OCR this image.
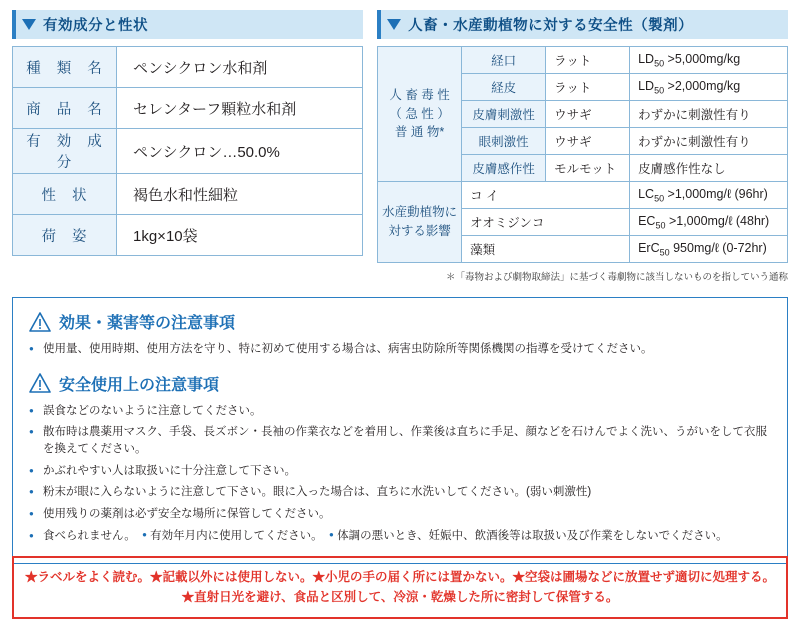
有効成分と性状
種 類 名	ペンシクロン水和剤
商 品 名	セレンターフ顆粒水和剤
有 効 成 分	ペンシクロン…50.0%
性 状	褐色水和性細粒
荷 姿	1kg×10袋
人畜・水産動植物に対する安全性（製剤）
人 畜 毒 性
（ 急 性 ）
普 通 物*	経口	ラット	$LD_{50} >5,000mg/kg$
	経皮	ラット	$LD_{50} >2,000mg/kg$
	皮膚刺激性	ウサギ	わずかに刺激性有り
	眼刺激性	ウサギ	わずかに刺激性有り
	皮膚感作性	モルモット	皮膚感作性なし

水産動植物に
対する影響	コ イ		$LC_{50}$ >1,000mg/ℓ (96hr)
	オオミジンコ		$EC_{50}$ >1,000mg/ℓ (48hr)
	藻類		ErC$_{50}$ 950mg/ℓ (0-72hr)
＊「毒物および劇物取締法」に基づく毒劇物に該当しないものを指していう通称
効果・薬害等の注意事項
● 使用量、使用時期、使用方法を守り、特に初めて使用する場合は、病害虫防除所等関係機関の指導を受けてください。
安全使用上の注意事項
● 誤食などのないように注意してください。
● 散布時は農薬用マスク、手袋、長ズボン・長袖の作業衣などを着用し、作業後は直ちに手足、顔などを石けんでよく洗い、うがいをして衣服を換えてください。
● かぶれやすい人は取扱いに十分注意して下さい。
● 粉末が眼に入らないように注意して下さい。眼に入った場合は、直ちに水洗いしてください。(弱い刺激性)
● 使用残りの薬剤は必ず安全な場所に保管してください。
● 食べられません。 ● 有効年月内に使用してください。 ● 体調の悪いとき、妊娠中、飲酒後等は取扱い及び作業をしないでください。
★ラベルをよく読む。★記載以外には使用しない。★小児の手の届く所には置かない。★空袋は圃場などに放置せず適切に処理する。
★直射日光を避け、食品と区別して、冷涼・乾燥した所に密封して保管する。
